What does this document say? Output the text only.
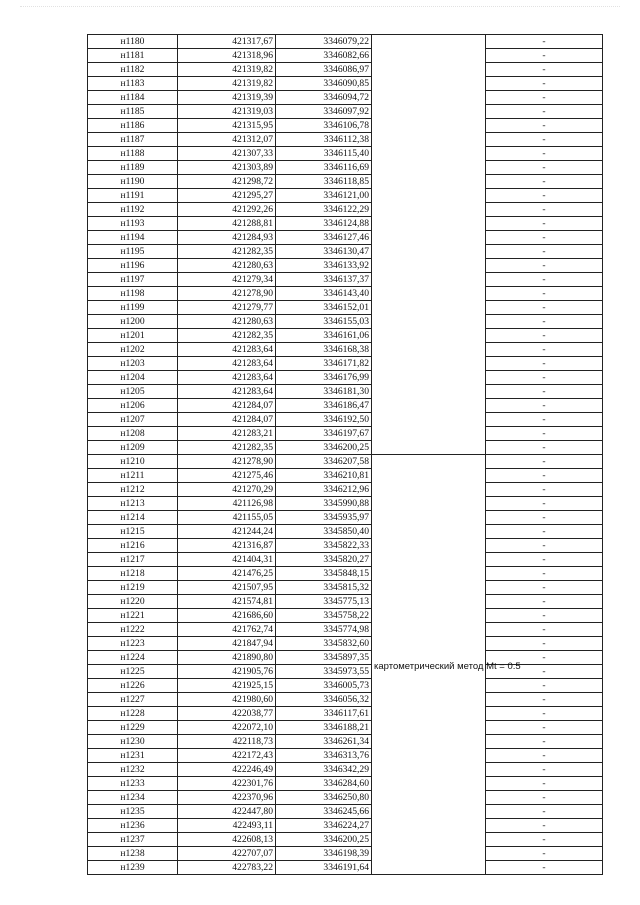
н1180	421317,67	3346079,22		-
н1181	421318,96	3346082,66		-
н1182	421319,82	3346086,97		-
н1183	421319,82	3346090,85		-
н1184	421319,39	3346094,72		-
н1185	421319,03	3346097,92		-
н1186	421315,95	3346106,78		-
н1187	421312,07	3346112,38		-
н1188	421307,33	3346115,40		-
н1189	421303,89	3346116,69		-
н1190	421298,72	3346118,85		-
н1191	421295,27	3346121,00		-
н1192	421292,26	3346122,29		-
н1193	421288,81	3346124,88		-
н1194	421284,93	3346127,46		-
н1195	421282,35	3346130,47		-
н1196	421280,63	3346133,92		-
н1197	421279,34	3346137,37		-
н1198	421278,90	3346143,40		-
н1199	421279,77	3346152,01		-
н1200	421280,63	3346155,03		-
н1201	421282,35	3346161,06		-
н1202	421283,64	3346168,38		-
н1203	421283,64	3346171,82		-
н1204	421283,64	3346176,99		-
н1205	421283,64	3346181,30		-
н1206	421284,07	3346186,47		-
н1207	421284,07	3346192,50		-
н1208	421283,21	3346197,67		-
н1209	421282,35	3346200,25		-
н1210	421278,90	3346207,58	картометрический метод Mt = 0.5	-
н1211	421275,46	3346210,81		-
н1212	421270,29	3346212,96		-
н1213	421126,98	3345990,88		-
н1214	421155,05	3345935,97		-
н1215	421244,24	3345850,40		-
н1216	421316,87	3345822,33		-
н1217	421404,31	3345820,27		-
н1218	421476,25	3345848,15		-
н1219	421507,95	3345815,32		-
н1220	421574,81	3345775,13		-
н1221	421686,60	3345758,22		-
н1222	421762,74	3345774,98		-
н1223	421847,94	3345832,60		-
н1224	421890,80	3345897,35		-
н1225	421905,76	3345973,55		-
н1226	421925,15	3346005,73		-
н1227	421980,60	3346056,32		-
н1228	422038,77	3346117,61		-
н1229	422072,10	3346188,21		-
н1230	422118,73	3346261,34		-
н1231	422172,43	3346313,76		-
н1232	422246,49	3346342,29		-
н1233	422301,76	3346284,60		-
н1234	422370,96	3346250,80		-
н1235	422447,80	3346245,66		-
н1236	422493,11	3346224,27		-
н1237	422608,13	3346200,25		-
н1238	422707,07	3346198,39		-
н1239	422783,22	3346191,64		-
